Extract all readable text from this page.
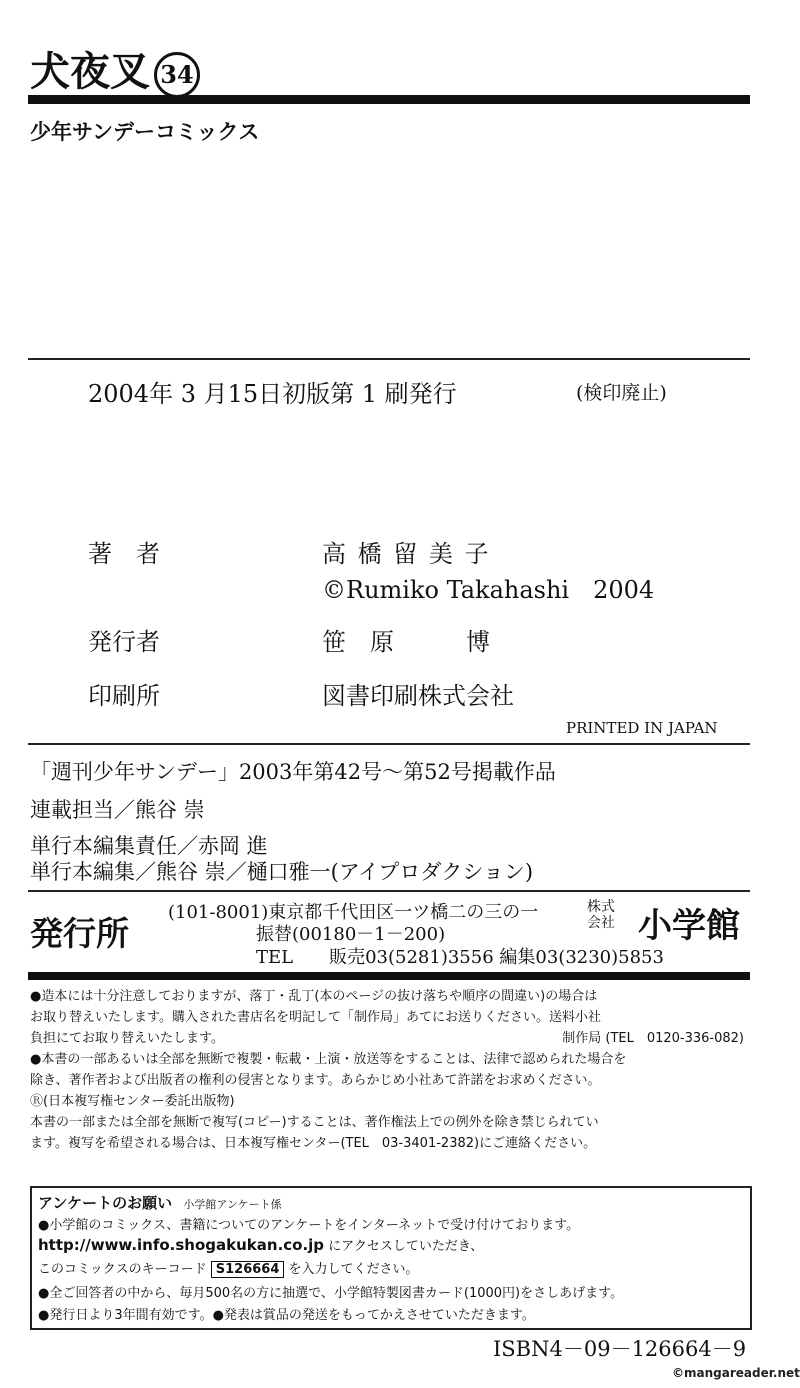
犬夜叉 34
少年サンデーコミックス
2004年 3 月15日初版第 1 刷発行	(検印廃止)
著　者	高 橋 留 美 子
©Rumiko Takahashi　2004
発行者	笹　原　　　博
印刷所	図書印刷株式会社
PRINTED IN JAPAN
「週刊少年サンデー」2003年第42号～第52号掲載作品
連載担当／熊谷 崇
単行本編集責任／赤岡 進
単行本編集／熊谷 崇／樋口雅一(アイプロダクション)
発行所
(101-8001)東京都千代田区一ツ橋二の三の一
振替(00180－1－200)
TEL　　販売03(5281)3556 編集03(3230)5853
株式
会社 小学館

●造本には十分注意しておりますが、落丁・乱丁(本のページの抜け落ちや順序の間違い)の場合は

お取り替えいたします。購入された書店名を明記して「制作局」あてにお送りください。送料小社

負担にてお取り替えいたします。	制作局 (TEL　0120-336-082)

●本書の一部あるいは全部を無断で複製・転載・上演・放送等をすることは、法律で認められた場合を

除き、著作者および出版者の権利の侵害となります。あらかじめ小社あて許諾をお求めください。

Ⓡ(日本複写権センター委託出版物)

本書の一部または全部を無断で複写(コピー)することは、著作権法上での例外を除き禁じられてい

ます。複写を希望される場合は、日本複写権センター(TEL　03-3401-2382)にご連絡ください。

アンケートのお願い 小学館アンケート係
●小学館のコミックス、書籍についてのアンケートをインターネットで受け付けております。
http://www.info.shogakukan.co.jp にアクセスしていただき、
このコミックスのキーコード S126664 を入力してください。
●全ご回答者の中から、毎月500名の方に抽選で、小学館特製図書カード(1000円)をさしあげます。
●発行日より3年間有効です。●発表は賞品の発送をもってかえさせていただきます。
ISBN4－09－126664－9
©mangareader.net
